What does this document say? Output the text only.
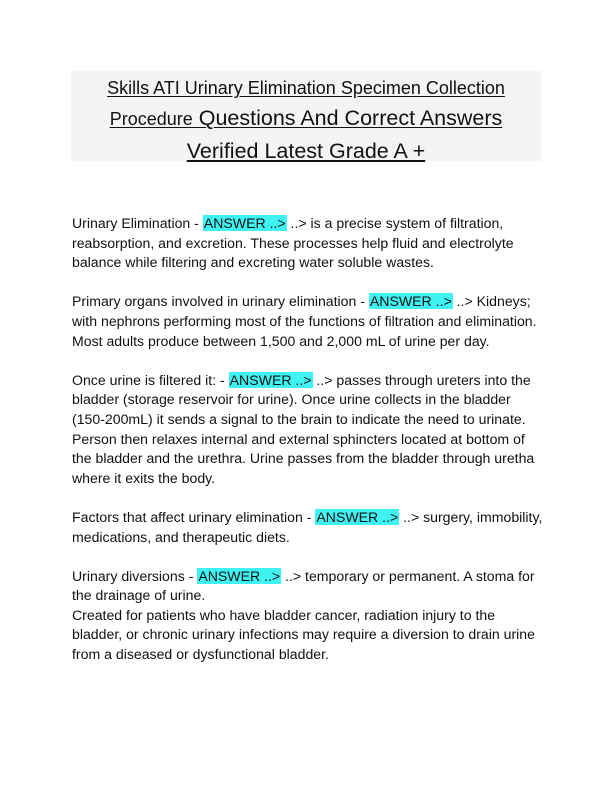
Skills ATI Urinary Elimination Specimen Collection
Procedure Questions And Correct Answers
Verified Latest Grade A +

Urinary Elimination - ANSWER ..> ..> is a precise system of filtration, reabsorption, and excretion. These processes help fluid and electrolyte balance while filtering and excreting water soluble wastes.

Primary organs involved in urinary elimination - ANSWER ..> ..> Kidneys; with nephrons performing most of the functions of filtration and elimination. Most adults produce between 1,500 and 2,000 mL of urine per day.

Once urine is filtered it: - ANSWER ..> ..> passes through ureters into the bladder (storage reservoir for urine). Once urine collects in the bladder (150-200mL) it sends a signal to the brain to indicate the need to urinate. Person then relaxes internal and external sphincters located at bottom of the bladder and the urethra. Urine passes from the bladder through uretha where it exits the body.

Factors that affect urinary elimination - ANSWER ..> ..> surgery, immobility, medications, and therapeutic diets.

Urinary diversions - ANSWER ..> ..> temporary or permanent. A stoma for the drainage of urine.

Created for patients who have bladder cancer, radiation injury to the bladder, or chronic urinary infections may require a diversion to drain urine from a diseased or dysfunctional bladder.
